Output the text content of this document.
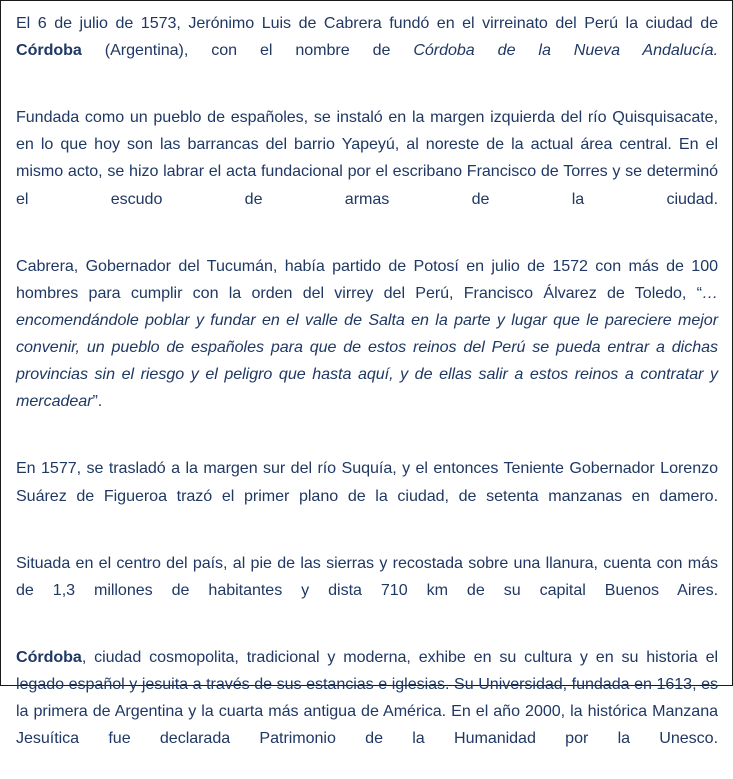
El 6 de julio de 1573, Jerónimo Luis de Cabrera fundó en el virreinato del Perú la ciudad de Córdoba (Argentina), con el nombre de Córdoba de la Nueva Andalucía.

Fundada como un pueblo de españoles, se instaló en la margen izquierda del río Quisquisacate, en lo que hoy son las barrancas del barrio Yapeyú, al noreste de la actual área central. En el mismo acto, se hizo labrar el acta fundacional por el escribano Francisco de Torres y se determinó el escudo de armas de la ciudad.

Cabrera, Gobernador del Tucumán, había partido de Potosí en julio de 1572 con más de 100 hombres para cumplir con la orden del virrey del Perú, Francisco Álvarez de Toledo, “…encomendándole poblar y fundar en el valle de Salta en la parte y lugar que le pareciere mejor convenir, un pueblo de españoles para que de estos reinos del Perú se pueda entrar a dichas provincias sin el riesgo y el peligro que hasta aquí, y de ellas salir a estos reinos a contratar y mercadear”.

En 1577, se trasladó a la margen sur del río Suquía, y el entonces Teniente Gobernador Lorenzo Suárez de Figueroa trazó el primer plano de la ciudad, de setenta manzanas en damero.

Situada en el centro del país, al pie de las sierras y recostada sobre una llanura, cuenta con más de 1,3 millones de habitantes y dista 710 km de su capital Buenos Aires.

Córdoba, ciudad cosmopolita, tradicional y moderna, exhibe en su cultura y en su historia el legado español y jesuita a través de sus estancias e iglesias. Su Universidad, fundada en 1613, es la primera de Argentina y la cuarta más antigua de América. En el año 2000, la histórica Manzana Jesuítica fue declarada Patrimonio de la Humanidad por la Unesco.
